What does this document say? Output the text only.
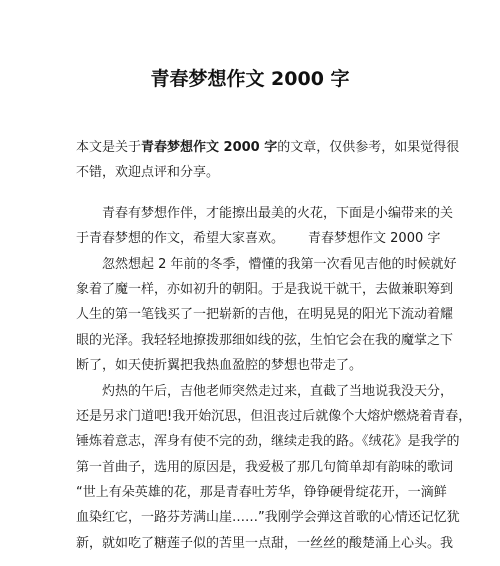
青春梦想作文 2000 字
本文是关于青春梦想作文 2000 字的文章，仅供参考，如果觉得很
不错，欢迎点评和分享。
青春有梦想作伴，才能擦出最美的火花，下面是小编带来的关
于青春梦想的作文，希望大家喜欢。 青春梦想作文 2000 字
忽然想起 2 年前的冬季，懵懂的我第一次看见吉他的时候就好
象着了魔一样，亦如初升的朝阳。于是我说干就干，去做兼职筹到
人生的第一笔钱买了一把崭新的吉他，在明晃晃的阳光下流动着耀
眼的光泽。我轻轻地撩拨那细如线的弦，生怕它会在我的魔掌之下
断了，如天使折翼把我热血盈腔的梦想也带走了。
灼热的午后，吉他老师突然走过来，直截了当地说我没天分，
还是另求门道吧!我开始沉思，但沮丧过后就像个大熔炉燃烧着青春，
锤炼着意志，浑身有使不完的劲，继续走我的路。《绒花》是我学的
第一首曲子，选用的原因是，我爱极了那几句简单却有韵味的歌词
“世上有朵英雄的花，那是青春吐芳华，铮铮硬骨绽花开，一滴鲜
血染红它，一路芬芳满山崖……”我刚学会弹这首歌的心情还记忆犹
新，就如吃了糖莲子似的苦里一点甜，一丝丝的酸楚涌上心头。我
